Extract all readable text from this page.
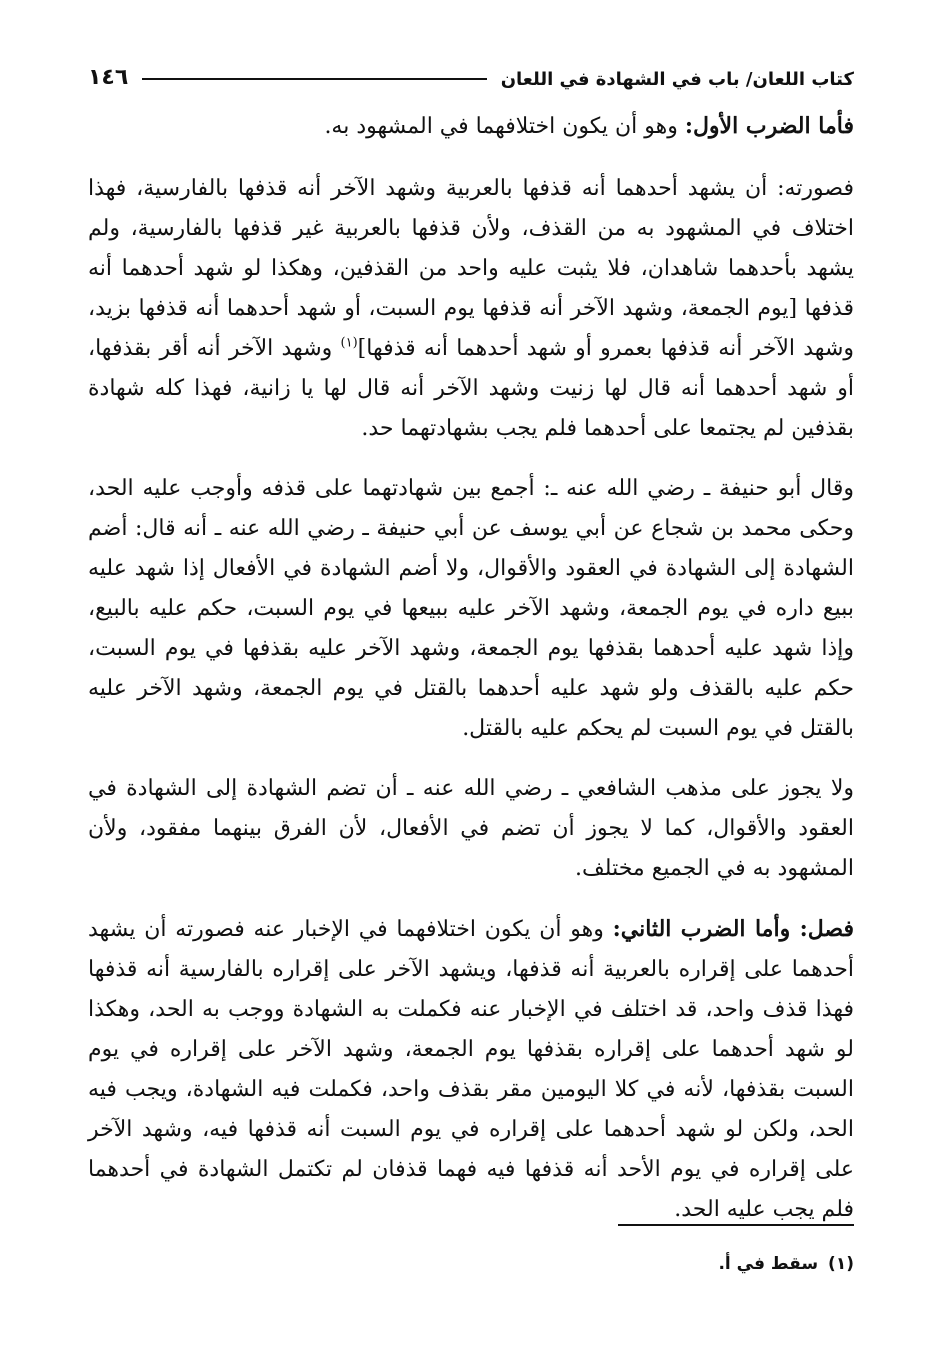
كتاب اللعان/ باب في الشهادة في اللعان
١٤٦

فأما الضرب الأول: وهو أن يكون اختلافهما في المشهود به.

فصورته: أن يشهد أحدهما أنه قذفها بالعربية وشهد الآخر أنه قذفها بالفارسية، فهذا اختلاف في المشهود به من القذف، ولأن قذفها بالعربية غير قذفها بالفارسية، ولم يشهد بأحدهما شاهدان، فلا يثبت عليه واحد من القذفين، وهكذا لو شهد أحدهما أنه قذفها [يوم الجمعة، وشهد الآخر أنه قذفها يوم السبت، أو شهد أحدهما أنه قذفها بزيد، وشهد الآخر أنه قذفها بعمرو أو شهد أحدهما أنه قذفها]$^{(١)}$ وشهد الآخر أنه أقر بقذفها، أو شهد أحدهما أنه قال لها زنيت وشهد الآخر أنه قال لها يا زانية، فهذا كله شهادة بقذفين لم يجتمعا على أحدهما فلم يجب بشهادتهما حد.

وقال أبو حنيفة ـ رضي الله عنه ـ: أجمع بين شهادتهما على قذفه وأوجب عليه الحد، وحكى محمد بن شجاع عن أبي يوسف عن أبي حنيفة ـ رضي الله عنه ـ أنه قال: أضم الشهادة إلى الشهادة في العقود والأقوال، ولا أضم الشهادة في الأفعال إذا شهد عليه ببيع داره في يوم الجمعة، وشهد الآخر عليه ببيعها في يوم السبت، حكم عليه بالبيع، وإذا شهد عليه أحدهما بقذفها يوم الجمعة، وشهد الآخر عليه بقذفها في يوم السبت، حكم عليه بالقذف ولو شهد عليه أحدهما بالقتل في يوم الجمعة، وشهد الآخر عليه بالقتل في يوم السبت لم يحكم عليه بالقتل.

ولا يجوز على مذهب الشافعي ـ رضي الله عنه ـ أن تضم الشهادة إلى الشهادة في العقود والأقوال، كما لا يجوز أن تضم في الأفعال، لأن الفرق بينهما مفقود، ولأن المشهود به في الجميع مختلف.

فصل: وأما الضرب الثاني: وهو أن يكون اختلافهما في الإخبار عنه فصورته أن يشهد أحدهما على إقراره بالعربية أنه قذفها، ويشهد الآخر على إقراره بالفارسية أنه قذفها فهذا قذف واحد، قد اختلف في الإخبار عنه فكملت به الشهادة ووجب به الحد، وهكذا لو شهد أحدهما على إقراره بقذفها يوم الجمعة، وشهد الآخر على إقراره في يوم السبت بقذفها، لأنه في كلا اليومين مقر بقذف واحد، فكملت فيه الشهادة، ويجب فيه الحد، ولكن لو شهد أحدهما على إقراره في يوم السبت أنه قذفها فيه، وشهد الآخر على إقراره في يوم الأحد أنه قذفها فيه فهما قذفان لم تكتمل الشهادة في أحدهما فلم يجب عليه الحد.

(١)سقط في أ.
